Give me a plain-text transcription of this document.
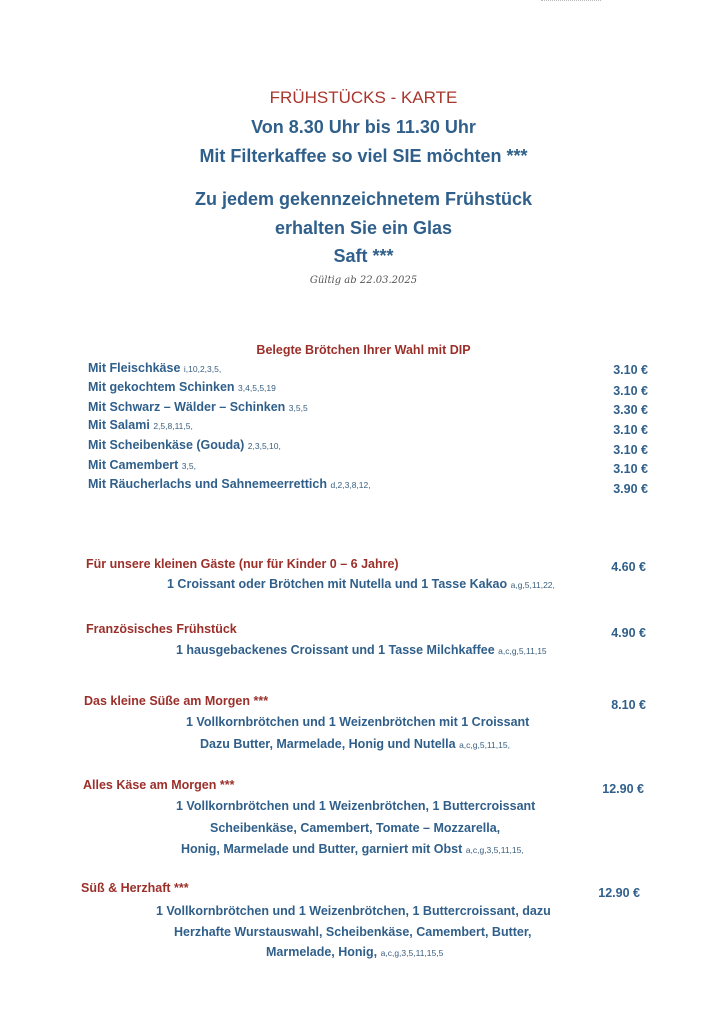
FRÜHSTÜCKS - KARTE
Von 8.30 Uhr bis 11.30 Uhr
Mit Filterkaffee so viel SIE möchten ***
Zu jedem gekennzeichnetem Frühstück
erhalten Sie ein Glas
Saft ***
Gültig ab 22.03.2025
Belegte Brötchen Ihrer Wahl mit DIP
Mit Fleischkäse i,10,2,3,5,	3.10 €
Mit gekochtem Schinken 3,4,5,5,19	3.10 €
Mit Schwarz – Wälder – Schinken 3,5,5	3.30 €
Mit Salami 2,5,8,11,5,	3.10 €
Mit Scheibenkäse (Gouda) 2,3,5,10,	3.10 €
Mit Camembert 3,5,	3.10 €
Mit Räucherlachs und Sahnemeerrettich d,2,3,8,12,	3.90 €
Für unsere kleinen Gäste (nur für Kinder 0 – 6 Jahre)	4.60 €
1 Croissant oder Brötchen mit Nutella und 1 Tasse Kakao a,g,5,11,22,
Französisches Frühstück	4.90 €
1 hausgebackenes Croissant und 1 Tasse Milchkaffee a,c,g,5,11,15
Das kleine Süße am Morgen ***	8.10 €
1 Vollkornbrötchen und 1 Weizenbrötchen mit 1 Croissant
Dazu Butter, Marmelade, Honig und Nutella a,c,g,5,11,15,
Alles Käse am Morgen ***	12.90 €
1 Vollkornbrötchen und 1 Weizenbrötchen, 1 Buttercroissant
Scheibenkäse, Camembert, Tomate – Mozzarella,
Honig, Marmelade und Butter, garniert mit Obst a,c,g,3,5,11,15,
Süß & Herzhaft ***	12.90 €
1 Vollkornbrötchen und 1 Weizenbrötchen, 1 Buttercroissant, dazu
Herzhafte Wurstauswahl, Scheibenkäse, Camembert, Butter,
Marmelade, Honig, a,c,g,3,5,11,15,5
